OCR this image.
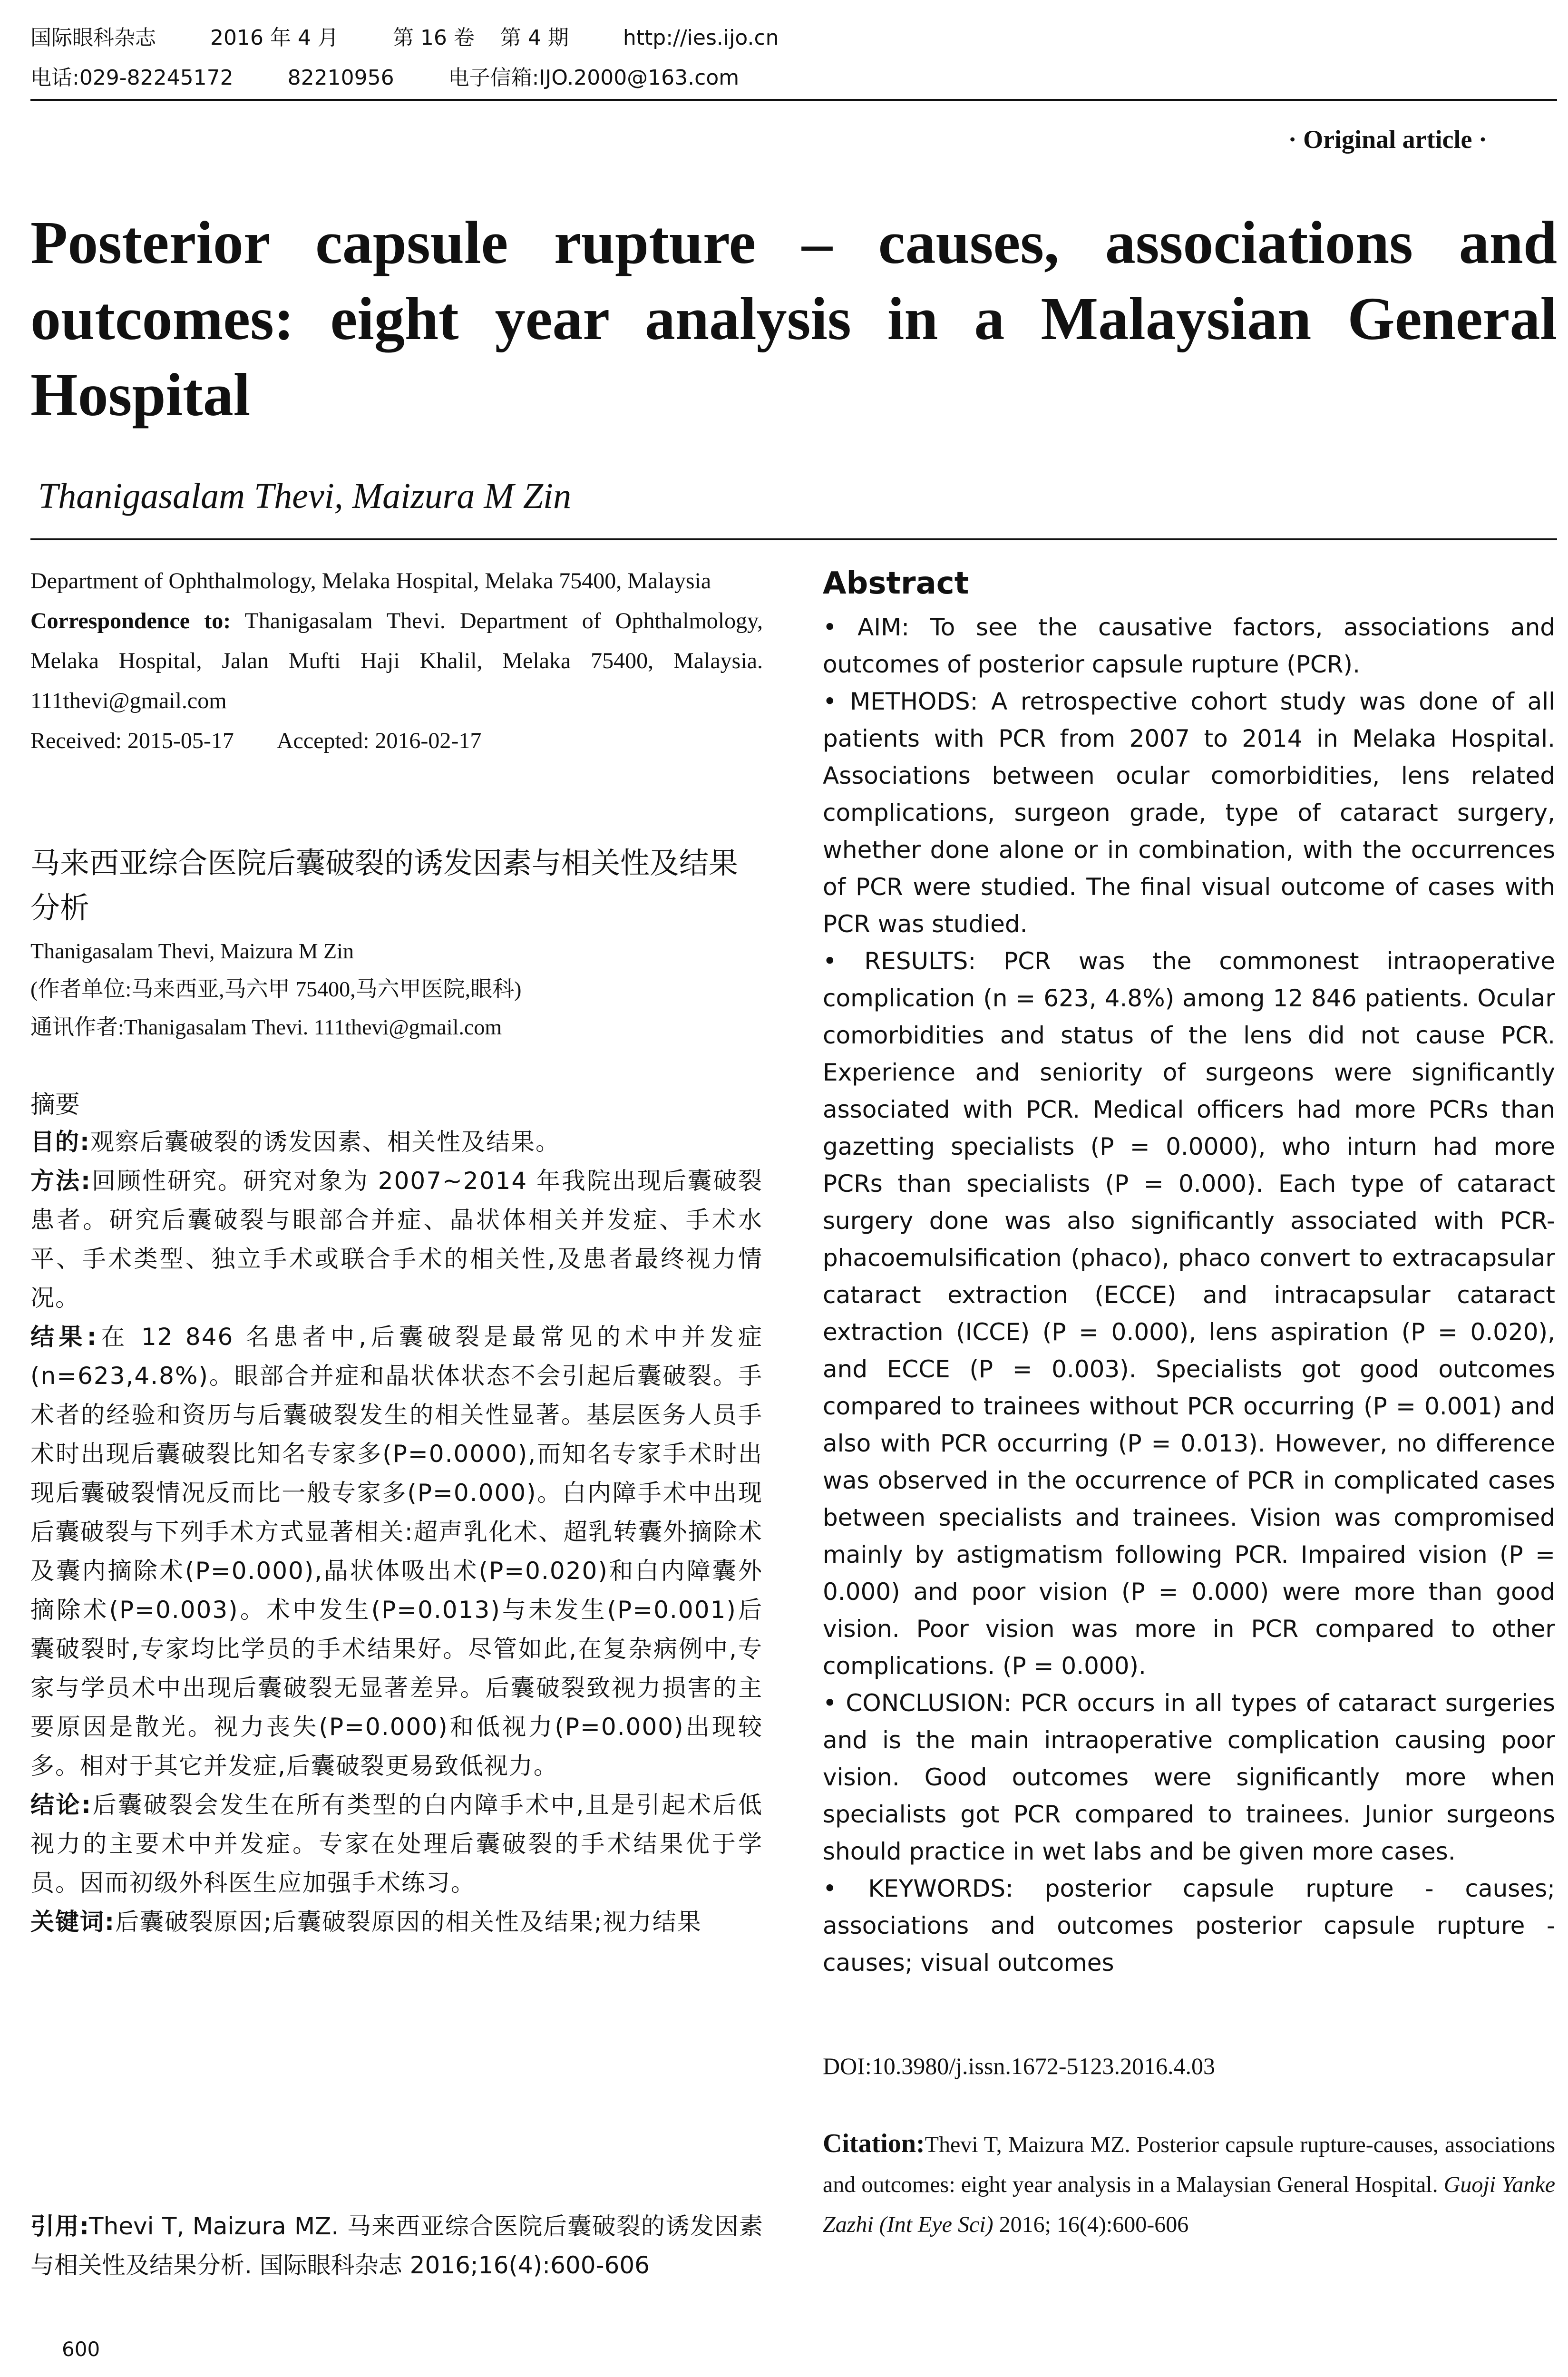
国际眼科杂志	2016 年 4 月	第 16 卷 第 4 期	http://ies.ijo.cn
电话:029-82245172	82210956	电子信箱:IJO.2000@163.com
· Original article ·
Posterior capsule rupture – causes, associations and outcomes: eight year analysis in a Malaysian General Hospital
Thanigasalam Thevi, Maizura M Zin
Department of Ophthalmology, Melaka Hospital, Melaka 75400, Malaysia
Correspondence to: Thanigasalam Thevi. Department of Ophthalmology, Melaka Hospital, Jalan Mufti Haji Khalil, Melaka 75400, Malaysia. 111thevi@gmail.com
Received: 2015-05-17 Accepted: 2016-02-17
马来西亚综合医院后囊破裂的诱发因素与相关性及结果分析
Thanigasalam Thevi, Maizura M Zin
(作者单位:马来西亚,马六甲 75400,马六甲医院,眼科)
通讯作者:Thanigasalam Thevi. 111thevi@gmail.com
摘要

目的:观察后囊破裂的诱发因素、相关性及结果。

方法:回顾性研究。研究对象为 2007~2014 年我院出现后囊破裂患者。研究后囊破裂与眼部合并症、晶状体相关并发症、手术水平、手术类型、独立手术或联合手术的相关性,及患者最终视力情况。

结果:在 12 846 名患者中,后囊破裂是最常见的术中并发症(n=623,4.8%)。眼部合并症和晶状体状态不会引起后囊破裂。手术者的经验和资历与后囊破裂发生的相关性显著。基层医务人员手术时出现后囊破裂比知名专家多(P=0.0000),而知名专家手术时出现后囊破裂情况反而比一般专家多(P=0.000)。白内障手术中出现后囊破裂与下列手术方式显著相关:超声乳化术、超乳转囊外摘除术及囊内摘除术(P=0.000),晶状体吸出术(P=0.020)和白内障囊外摘除术(P=0.003)。术中发生(P=0.013)与未发生(P=0.001)后囊破裂时,专家均比学员的手术结果好。尽管如此,在复杂病例中,专家与学员术中出现后囊破裂无显著差异。后囊破裂致视力损害的主要原因是散光。视力丧失(P=0.000)和低视力(P=0.000)出现较多。相对于其它并发症,后囊破裂更易致低视力。

结论:后囊破裂会发生在所有类型的白内障手术中,且是引起术后低视力的主要术中并发症。专家在处理后囊破裂的手术结果优于学员。因而初级外科医生应加强手术练习。

关键词:后囊破裂原因;后囊破裂原因的相关性及结果;视力结果

引用:Thevi T, Maizura MZ. 马来西亚综合医院后囊破裂的诱发因素与相关性及结果分析. 国际眼科杂志 2016;16(4):600-606
600
Abstract

• AIM: To see the causative factors, associations and outcomes of posterior capsule rupture (PCR).

• METHODS: A retrospective cohort study was done of all patients with PCR from 2007 to 2014 in Melaka Hospital. Associations between ocular comorbidities, lens related complications, surgeon grade, type of cataract surgery, whether done alone or in combination, with the occurrences of PCR were studied. The final visual outcome of cases with PCR was studied.

• RESULTS: PCR was the commonest intraoperative complication (n = 623, 4.8%) among 12 846 patients. Ocular comorbidities and status of the lens did not cause PCR. Experience and seniority of surgeons were significantly associated with PCR. Medical officers had more PCRs than gazetting specialists (P = 0.0000), who inturn had more PCRs than specialists (P = 0.000). Each type of cataract surgery done was also significantly associated with PCR-phacoemulsification (phaco), phaco convert to extracapsular cataract extraction (ECCE) and intracapsular cataract extraction (ICCE) (P = 0.000), lens aspiration (P = 0.020), and ECCE (P = 0.003). Specialists got good outcomes compared to trainees without PCR occurring (P = 0.001) and also with PCR occurring (P = 0.013). However, no difference was observed in the occurrence of PCR in complicated cases between specialists and trainees. Vision was compromised mainly by astigmatism following PCR. Impaired vision (P = 0.000) and poor vision (P = 0.000) were more than good vision. Poor vision was more in PCR compared to other complications. (P = 0.000).

• CONCLUSION: PCR occurs in all types of cataract surgeries and is the main intraoperative complication causing poor vision. Good outcomes were significantly more when specialists got PCR compared to trainees. Junior surgeons should practice in wet labs and be given more cases.

• KEYWORDS: posterior capsule rupture - causes; associations and outcomes posterior capsule rupture - causes; visual outcomes

DOI:10.3980/j.issn.1672-5123.2016.4.03
Citation:Thevi T, Maizura MZ. Posterior capsule rupture-causes, associations and outcomes: eight year analysis in a Malaysian General Hospital. Guoji Yanke Zazhi (Int Eye Sci) 2016; 16(4):600-606
